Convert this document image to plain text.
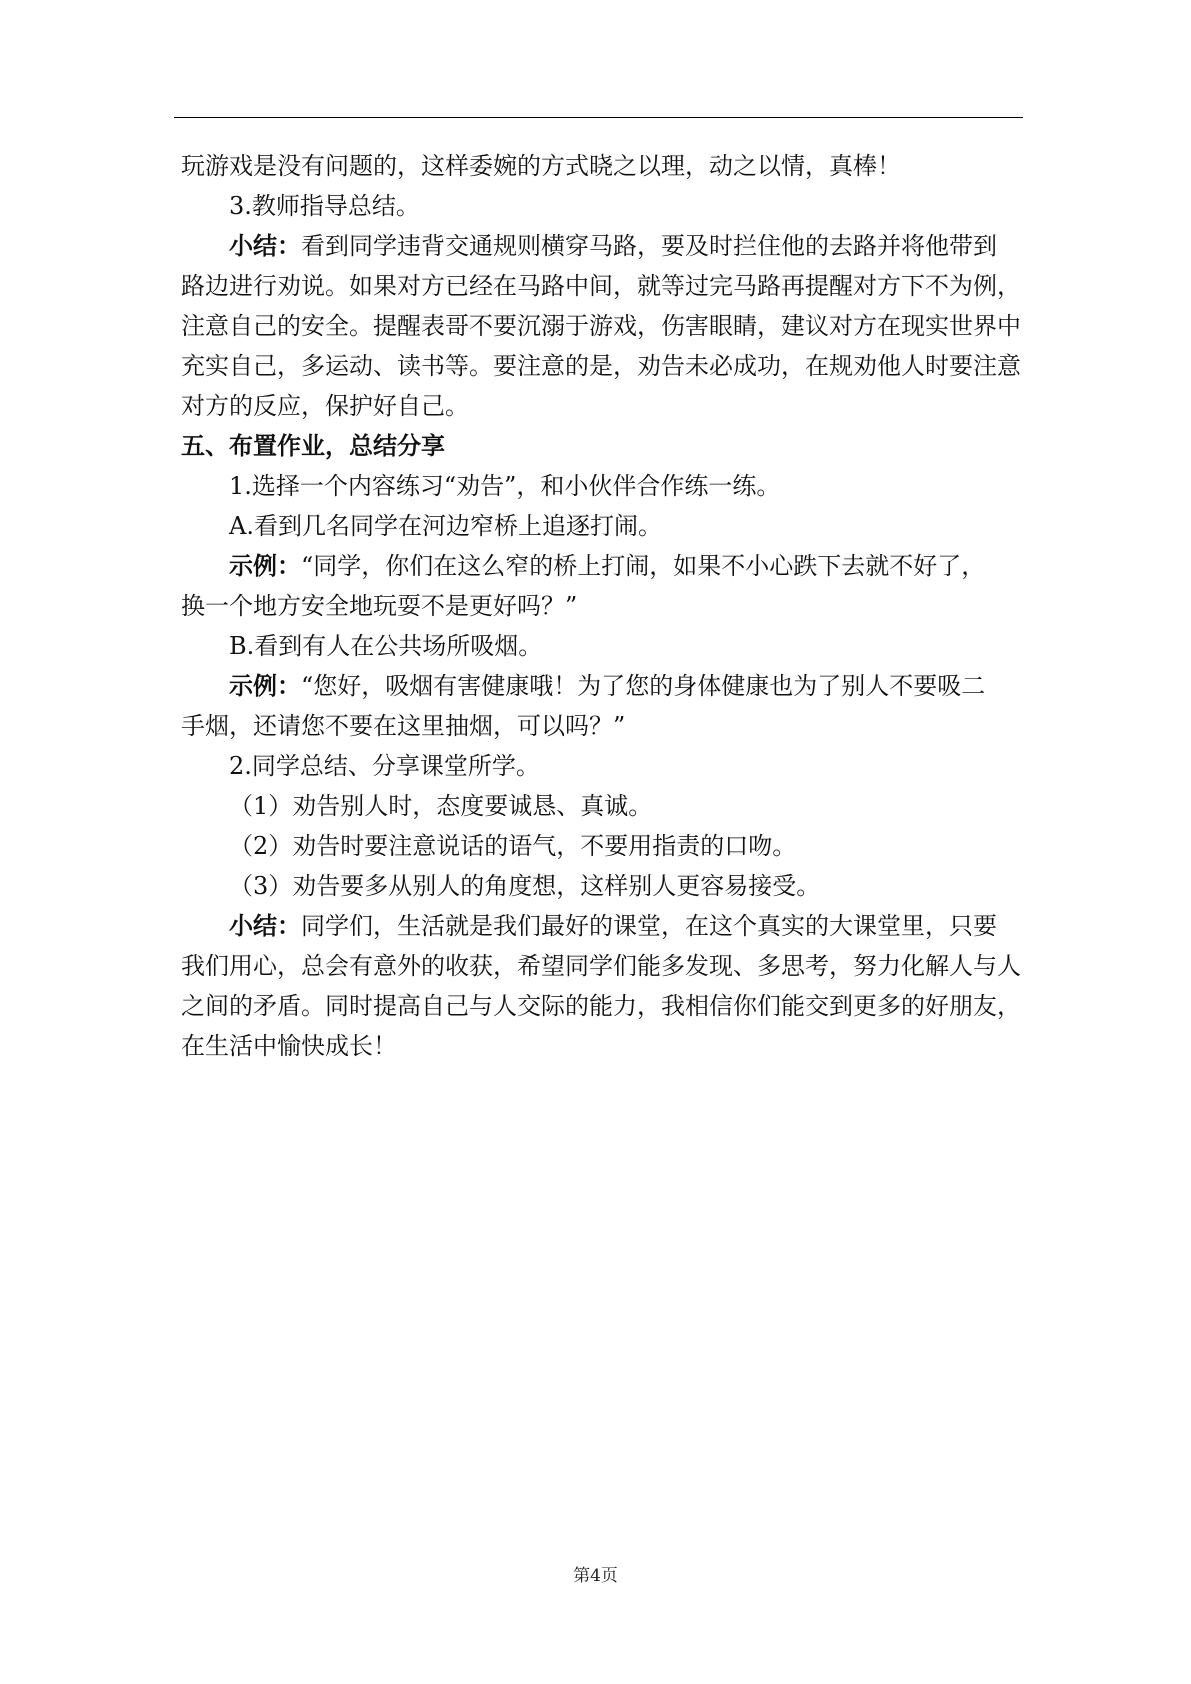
玩游戏是没有问题的，这样委婉的方式晓之以理，动之以情，真棒！
3.教师指导总结。
小结：看到同学违背交通规则横穿马路，要及时拦住他的去路并将他带到
路边进行劝说。如果对方已经在马路中间，就等过完马路再提醒对方下不为例，
注意自己的安全。提醒表哥不要沉溺于游戏，伤害眼睛，建议对方在现实世界中
充实自己，多运动、读书等。要注意的是，劝告未必成功，在规劝他人时要注意
对方的反应，保护好自己。
五、布置作业，总结分享
1.选择一个内容练习“劝告”，和小伙伴合作练一练。
A.看到几名同学在河边窄桥上追逐打闹。
示例：“同学，你们在这么窄的桥上打闹，如果不小心跌下去就不好了，
换一个地方安全地玩耍不是更好吗？”
B.看到有人在公共场所吸烟。
示例：“您好，吸烟有害健康哦！为了您的身体健康也为了别人不要吸二
手烟，还请您不要在这里抽烟，可以吗？”
2.同学总结、分享课堂所学。
（1）劝告别人时，态度要诚恳、真诚。
（2）劝告时要注意说话的语气，不要用指责的口吻。
（3）劝告要多从别人的角度想，这样别人更容易接受。
小结：同学们，生活就是我们最好的课堂，在这个真实的大课堂里，只要
我们用心，总会有意外的收获，希望同学们能多发现、多思考，努力化解人与人
之间的矛盾。同时提高自己与人交际的能力，我相信你们能交到更多的好朋友，
在生活中愉快成长！
第4页
